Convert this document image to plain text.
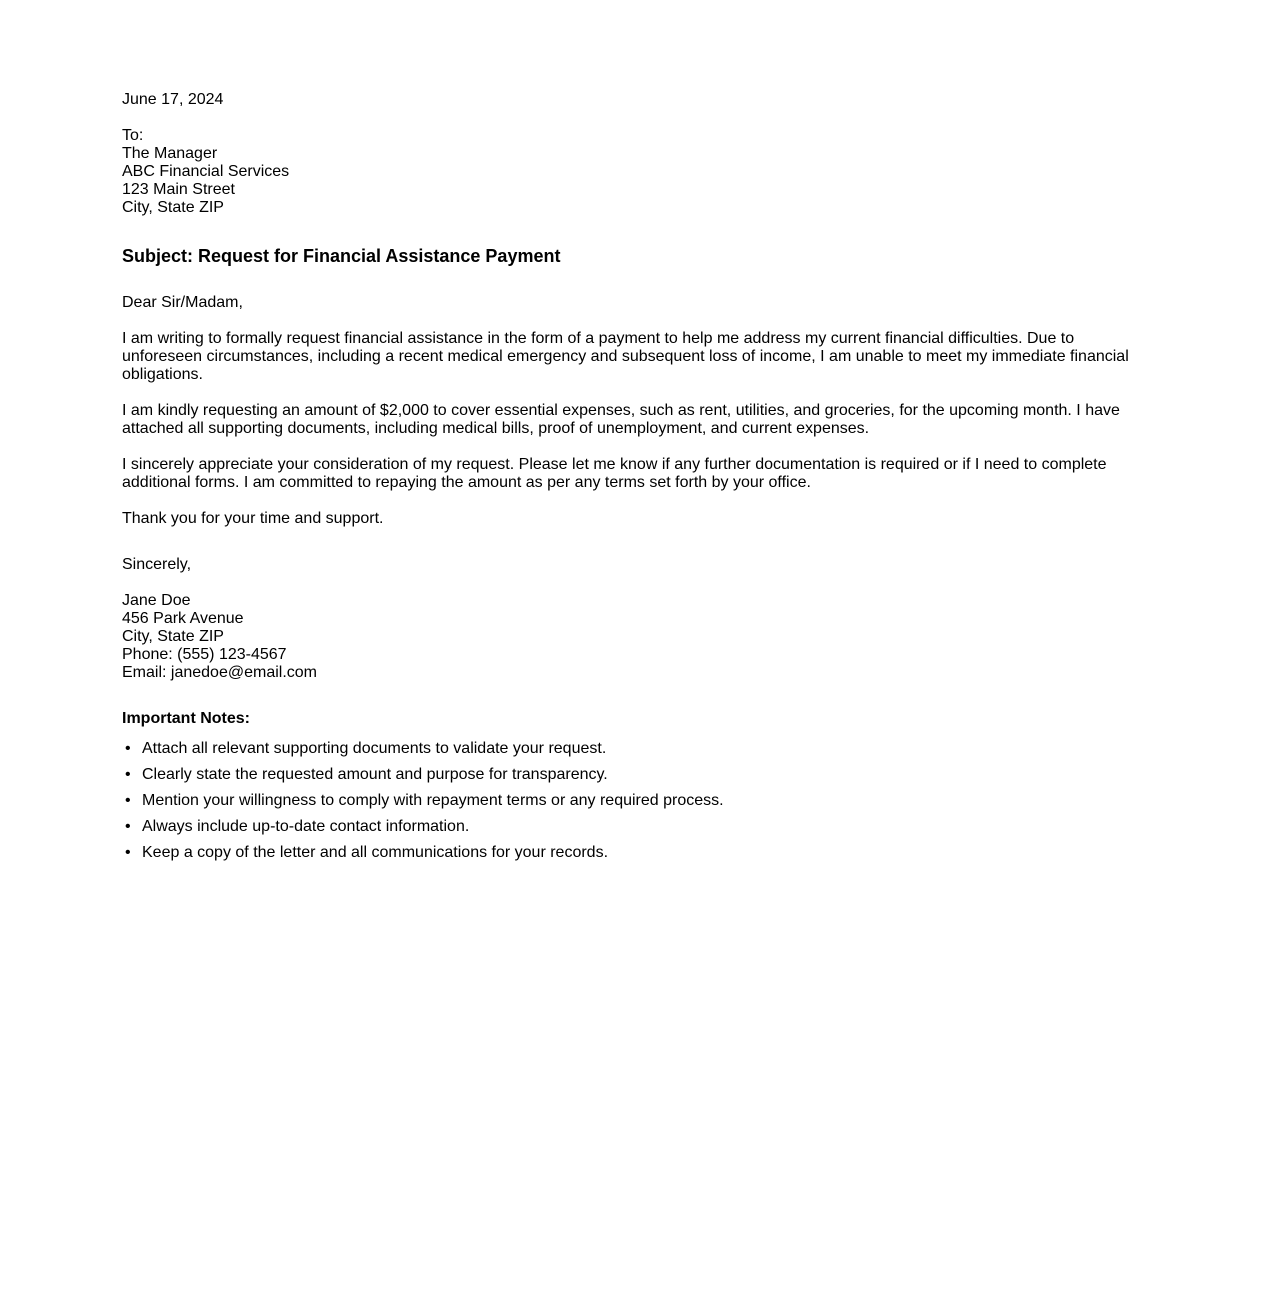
June 17, 2024
To:
The Manager
ABC Financial Services
123 Main Street
City, State ZIP
Subject: Request for Financial Assistance Payment
Dear Sir/Madam,

I am writing to formally request financial assistance in the form of a payment to help me address my current financial difficulties. Due to unforeseen circumstances, including a recent medical emergency and subsequent loss of income, I am unable to meet my immediate financial obligations.

I am kindly requesting an amount of $2,000 to cover essential expenses, such as rent, utilities, and groceries, for the upcoming month. I have attached all supporting documents, including medical bills, proof of unemployment, and current expenses.

I sincerely appreciate your consideration of my request. Please let me know if any further documentation is required or if I need to complete additional forms. I am committed to repaying the amount as per any terms set forth by your office.

Thank you for your time and support.
Sincerely,
Jane Doe
456 Park Avenue
City, State ZIP
Phone: (555) 123-4567
Email: janedoe@email.com
Important Notes:
• Attach all relevant supporting documents to validate your request.
• Clearly state the requested amount and purpose for transparency.
• Mention your willingness to comply with repayment terms or any required process.
• Always include up-to-date contact information.
• Keep a copy of the letter and all communications for your records.
